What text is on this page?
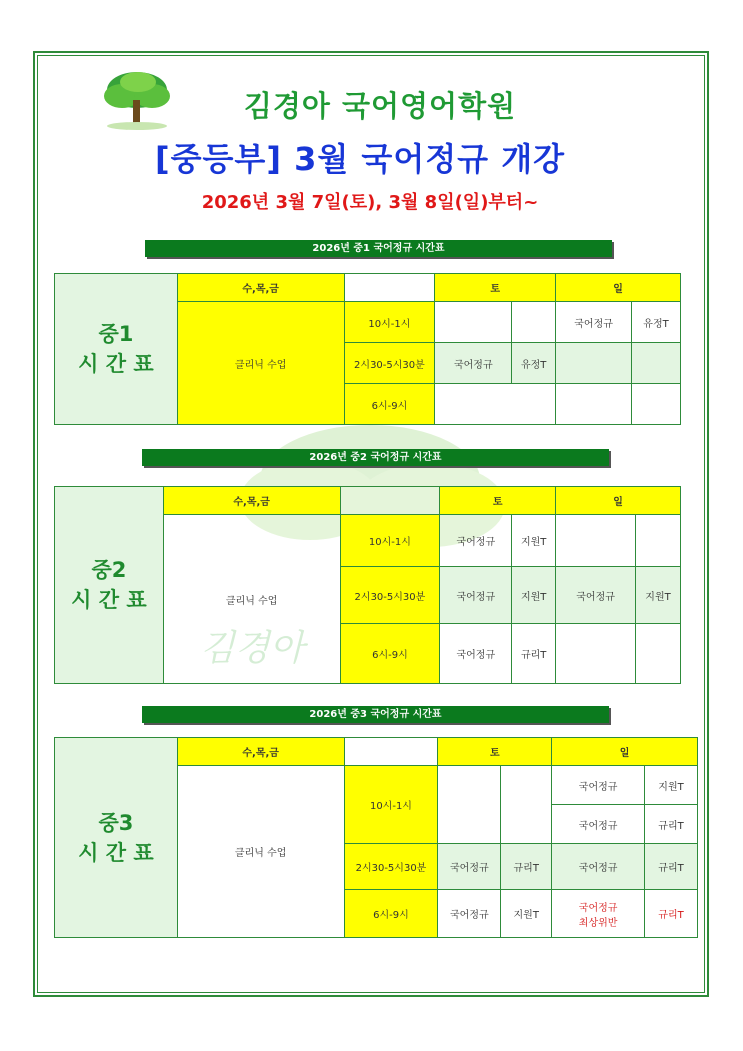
김경아
김경아 국어영어학원
[중등부] 3월 국어정규 개강
2026년 3월 7일(토), 3월 8일(일)부터~
2026년 중1 국어정규 시간표
중1
시 간 표	수,목,금		토		일	
	클리닉 수업	10시-1시			국어정규	유정T
		2시30-5시30분	국어정규	유정T		
		6시-9시				
2026년 중2 국어정규 시간표
중2
시 간 표	수,목,금		토		일	
	클리닉 수업	10시-1시	국어정규	지원T		
		2시30-5시30분	국어정규	지원T	국어정규	지원T
		6시-9시	국어정규	규리T		
2026년 중3 국어정규 시간표
중3
시 간 표	수,목,금		토		일	
	클리닉 수업	10시-1시			국어정규	지원T
					국어정규	규리T
		2시30-5시30분	국어정규	규리T	국어정규	규리T
		6시-9시	국어정규	지원T	국어정규
최상위반	규리T
